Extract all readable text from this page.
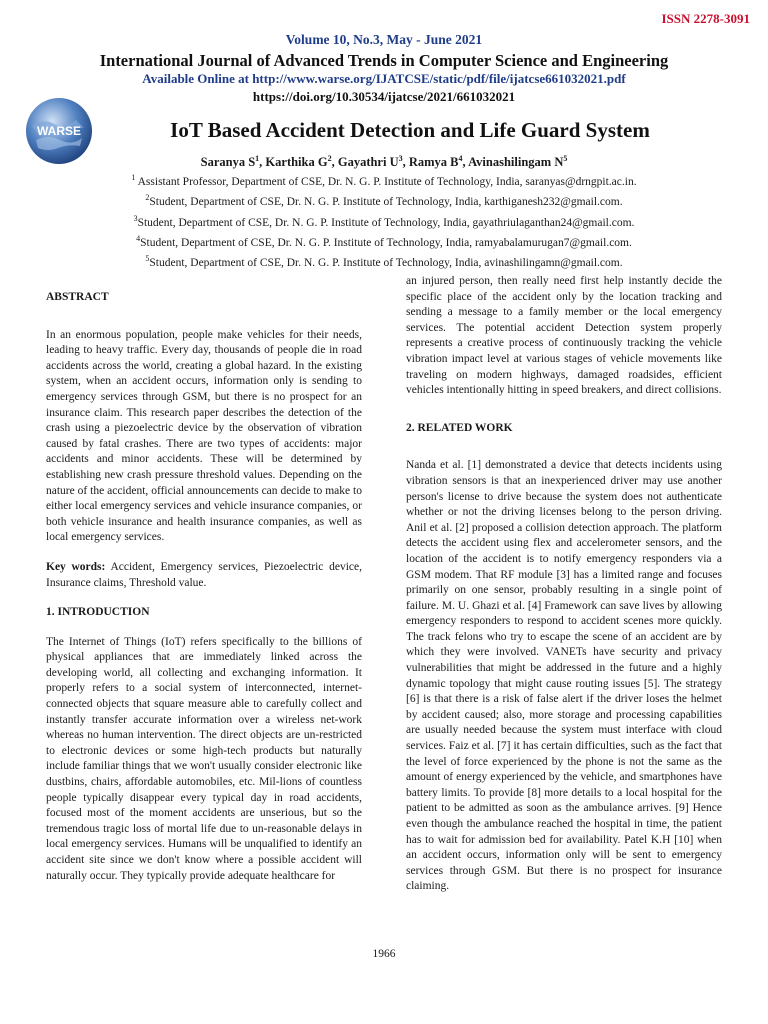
ISSN 2278-3091
Volume 10, No.3, May - June 2021
International Journal of Advanced Trends in Computer Science and Engineering
Available Online at http://www.warse.org/IJATCSE/static/pdf/file/ijatcse661032021.pdf
https://doi.org/10.30534/ijatcse/2021/661032021
WARSE	IoT Based Accident Detection and Life Guard System
Saranya $S^1$, Karthika $G^2$, Gayathri $U^3$, Ramya $B^4$, Avinashilingam $N^5$
$^1$ Assistant Professor, Department of CSE, Dr. N. G. P. Institute of Technology, India, saranyas@drngpit.ac.in.
$^2$Student, Department of CSE, Dr. N. G. P. Institute of Technology, India, karthiganesh232@gmail.com.
$^3$Student, Department of CSE, Dr. N. G. P. Institute of Technology, India, gayathriulaganthan24@gmail.com.
$^4$Student, Department of CSE, Dr. N. G. P. Institute of Technology, India, ramyabalamurugan7@gmail.com.
$^5$Student, Department of CSE, Dr. N. G. P. Institute of Technology, India, avinashilingamn@gmail.com.

ABSTRACT

In an enormous population, people make vehicles for their needs, leading to heavy traffic. Every day, thousands of people die in road accidents across the world, creating a global hazard. In the existing system, when an accident occurs, information only is sending to emergency services through GSM, but there is no prospect for an insurance claim. This research paper describes the detection of the crash using a piezoelectric device by the observation of vibration caused by fatal crashes. There are two types of accidents: major accidents and minor accidents. These will be determined by establishing new crash pressure threshold values. Depending on the nature of the accident, official announcements can decide to make to either local emergency services and vehicle insurance companies, or both vehicle insurance and health insurance companies, as well as local emergency services.

Key words: Accident, Emergency services, Piezoelectric device, Insurance claims, Threshold value.

1. INTRODUCTION

The Internet of Things (IoT) refers specifically to the billions of physical appliances that are immediately linked across the developing world, all collecting and exchanging information. It properly refers to a social system of interconnected, internet-connected objects that square measure able to carefully collect and instantly transfer accurate information over a wireless net-work whereas no human intervention. The direct objects are un-restricted to electronic devices or some high-tech products but naturally include familiar things that we won't usually consider electronic like dustbins, chairs, affordable automobiles, etc. Mil-lions of countless people typically disappear every typical day in road accidents, focused most of the moment accidents are unserious, but so the tremendous tragic loss of mortal life due to un-reasonable delays in local emergency services. Humans will be unqualified to identify an accident site since we don't know where a possible accident will naturally occur. They typically provide adequate healthcare for

an injured person, then really need first help instantly decide the specific place of the accident only by the location tracking and sending a message to a family member or the local emergency services. The potential accident Detection system properly represents a creative process of continuously tracking the vehicle vibration impact level at various stages of vehicle movements like traveling on modern highways, damaged roadsides, efficient vehicles intentionally hitting in speed breakers, and direct collisions.

2. RELATED WORK

Nanda et al. [1] demonstrated a device that detects incidents using vibration sensors is that an inexperienced driver may use another person's license to drive because the system does not authenticate whether or not the driving licenses belong to the person driving. Anil et al. [2] proposed a collision detection approach. The platform detects the accident using flex and accelerometer sensors, and the location of the accident is to notify emergency responders via a GSM modem. That RF module [3] has a limited range and focuses primarily on one sensor, probably resulting in a single point of failure. M. U. Ghazi et al. [4] Framework can save lives by allowing emergency responders to respond to accident scenes more quickly. The track felons who try to escape the scene of an accident are by which they were involved. VANETs have security and privacy vulnerabilities that might be addressed in the future and a highly dynamic topology that might cause routing issues [5]. The strategy [6] is that there is a risk of false alert if the driver loses the helmet by accident caused; also, more storage and processing capabilities are usually needed because the system must interface with cloud services. Faiz et al. [7] it has certain difficulties, such as the fact that the level of force experienced by the phone is not the same as the amount of energy experienced by the vehicle, and smartphones have battery limits. To provide [8] more details to a local hospital for the patient to be admitted as soon as the ambulance arrives. [9] Hence even though the ambulance reached the hospital in time, the patient has to wait for admission bed for availability. Patel K.H [10] when an accident occurs, information only will be sent to emergency services through GSM. But there is no prospect for insurance claiming.

1966
